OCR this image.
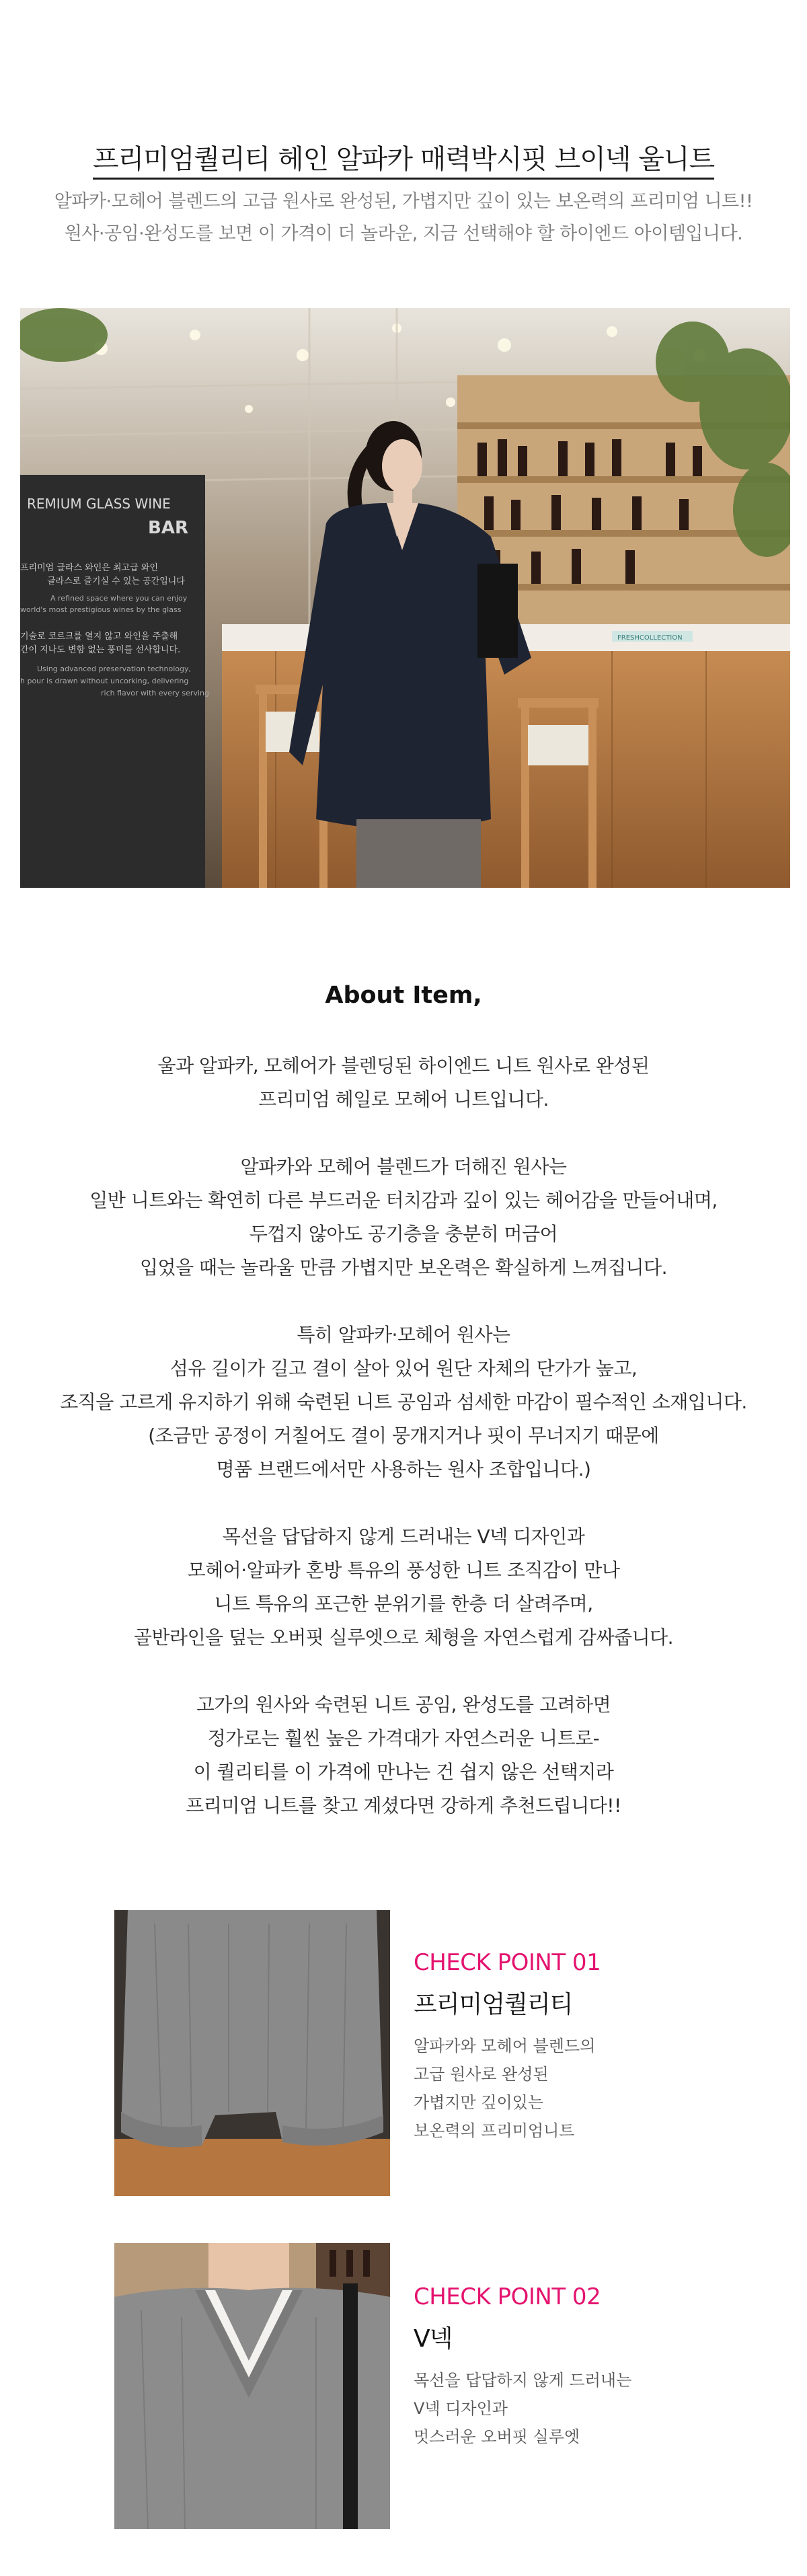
프리미엄퀄리티 헤인 알파카 매력박시핏 브이넥 울니트
알파카·모헤어 블렌드의 고급 원사로 완성된, 가볍지만 깊이 있는 보온력의 프리미엄 니트!!
원사·공임·완성도를 보면 이 가격이 더 놀라운, 지금 선택해야 할 하이엔드 아이템입니다.
REMIUM GLASS WINE
BAR
프리미엄 글라스 와인은 최고급 와인
글라스로 즐기실 수 있는 공간입니다
A refined space where you can enjoy
world's most prestigious wines by the glass
기술로 코르크를 열지 않고 와인을 주출해
간이 지나도 변함 없는 풍미를 선사합니다.
Using advanced preservation technology,
h pour is drawn without uncorking, delivering
rich flavor with every serving
FRESHCOLLECTION
About Item,
울과 알파카, 모헤어가 블렌딩된 하이엔드 니트 원사로 완성된
프리미엄 헤일로 모헤어 니트입니다.
알파카와 모헤어 블렌드가 더해진 원사는
일반 니트와는 확연히 다른 부드러운 터치감과 깊이 있는 헤어감을 만들어내며,
두껍지 않아도 공기층을 충분히 머금어
입었을 때는 놀라울 만큼 가볍지만 보온력은 확실하게 느껴집니다.
특히 알파카·모헤어 원사는
섬유 길이가 길고 결이 살아 있어 원단 자체의 단가가 높고,
조직을 고르게 유지하기 위해 숙련된 니트 공임과 섬세한 마감이 필수적인 소재입니다.
(조금만 공정이 거칠어도 결이 뭉개지거나 핏이 무너지기 때문에
명품 브랜드에서만 사용하는 원사 조합입니다.)
목선을 답답하지 않게 드러내는 V넥 디자인과
모헤어·알파카 혼방 특유의 풍성한 니트 조직감이 만나
니트 특유의 포근한 분위기를 한층 더 살려주며,
골반라인을 덮는 오버핏 실루엣으로 체형을 자연스럽게 감싸줍니다.
고가의 원사와 숙련된 니트 공임, 완성도를 고려하면
정가로는 훨씬 높은 가격대가 자연스러운 니트로-
이 퀄리티를 이 가격에 만나는 건 쉽지 않은 선택지라
프리미엄 니트를 찾고 계셨다면 강하게 추천드립니다!!
CHECK POINT 01
프리미엄퀄리티
알파카와 모헤어 블렌드의
고급 원사로 완성된
가볍지만 깊이있는
보온력의 프리미엄니트
CHECK POINT 02
V넥
목선을 답답하지 않게 드러내는
V넥 디자인과
멋스러운 오버핏 실루엣
